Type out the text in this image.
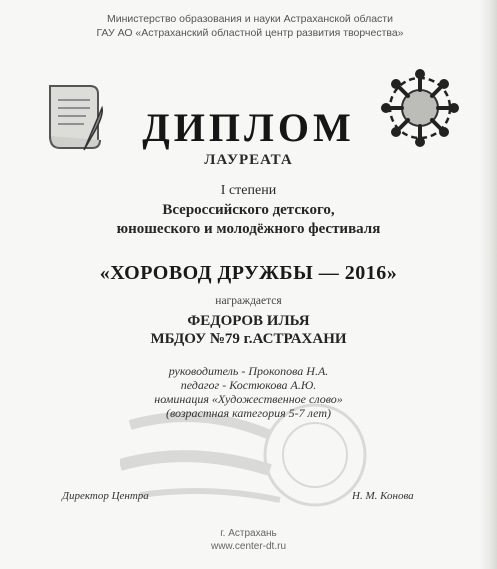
Министерство образования и науки Астраханской области
ГАУ АО «Астраханский областной центр развития творчества»
ДИПЛОМ
ЛАУРЕАТА
I степени
Всероссийского детского,
юношеского и молодёжного фестиваля
«ХОРОВОД ДРУЖБЫ — 2016»
награждается
ФЕДОРОВ ИЛЬЯ
МБДОУ №79 г.АСТРАХАНИ
руководитель - Прокопова Н.А.
педагог - Костюкова А.Ю.
номинация «Художественное слово»
(возрастная категория 5-7 лет)
Директор Центра	Н. М. Конова
г. Астрахань
www.center-dt.ru
